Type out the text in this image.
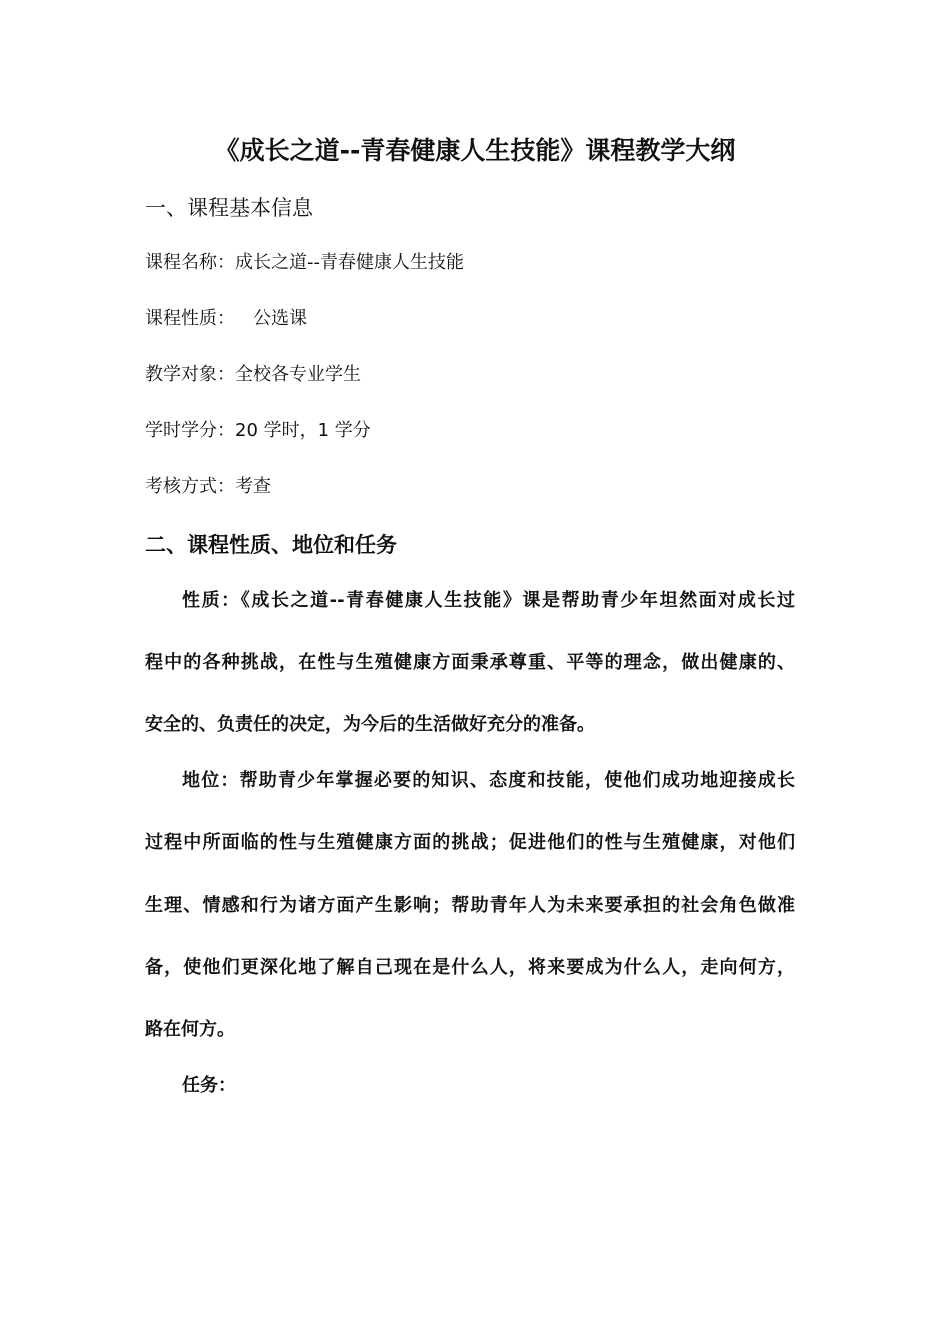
《成长之道--青春健康人生技能》课程教学大纲
一、课程基本信息
课程名称：成长之道--青春健康人生技能
课程性质： 公选课
教学对象：全校各专业学生
学时学分：20 学时，1 学分
考核方式：考查
二、课程性质、地位和任务
性质：《成长之道--青春健康人生技能》课是帮助青少年坦然面对成长过
程中的各种挑战，在性与生殖健康方面秉承尊重、平等的理念，做出健康的、
安全的、负责任的决定，为今后的生活做好充分的准备。
地位：帮助青少年掌握必要的知识、态度和技能，使他们成功地迎接成长
过程中所面临的性与生殖健康方面的挑战；促进他们的性与生殖健康，对他们
生理、情感和行为诸方面产生影响；帮助青年人为未来要承担的社会角色做准
备，使他们更深化地了解自己现在是什么人，将来要成为什么人，走向何方，
路在何方。
任务：
